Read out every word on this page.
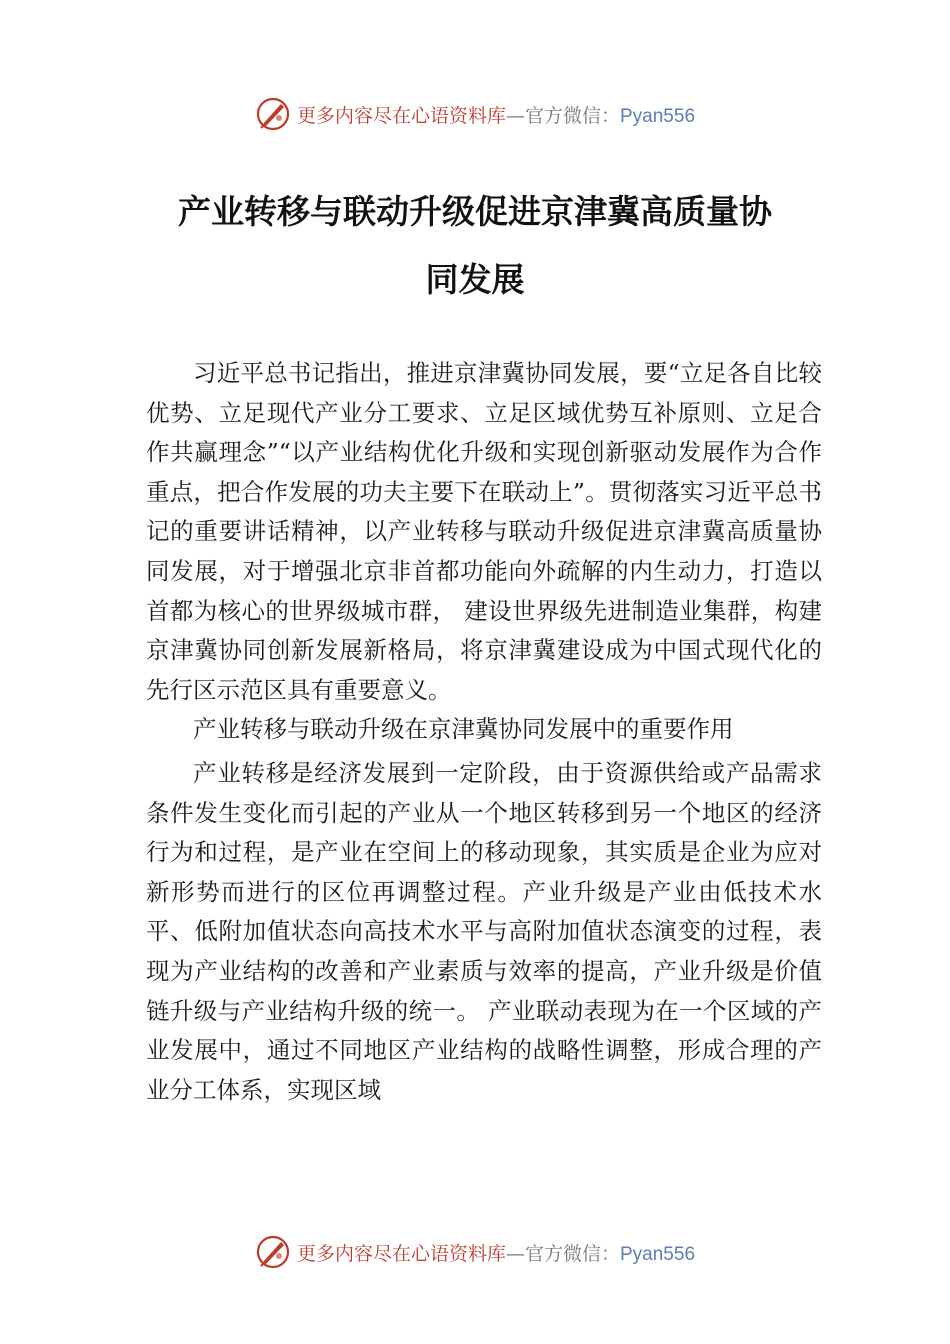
更多内容尽在心语资料库—官方微信：Pyan556
产业转移与联动升级促进京津冀高质量协
同发展

习近平总书记指出，推进京津冀协同发展，要“立足各自比较优势、立足现代产业分工要求、立足区域优势互补原则、立足合作共赢理念”“以产业结构优化升级和实现创新驱动发展作为合作重点，把合作发展的功夫主要下在联动上”。贯彻落实习近平总书记的重要讲话精神，以产业转移与联动升级促进京津冀高质量协同发展，对于增强北京非首都功能向外疏解的内生动力，打造以首都为核心的世界级城市群， 建设世界级先进制造业集群，构建京津冀协同创新发展新格局，将京津冀建设成为中国式现代化的先行区示范区具有重要意义。

产业转移与联动升级在京津冀协同发展中的重要作用

产业转移是经济发展到一定阶段，由于资源供给或产品需求条件发生变化而引起的产业从一个地区转移到另一个地区的经济行为和过程，是产业在空间上的移动现象，其实质是企业为应对新形势而进行的区位再调整过程。产业升级是产业由低技术水平、低附加值状态向高技术水平与高附加值状态演变的过程，表现为产业结构的改善和产业素质与效率的提高，产业升级是价值链升级与产业结构升级的统一。 产业联动表现为在一个区域的产业发展中，通过不同地区产业结构的战略性调整，形成合理的产业分工体系，实现区域

更多内容尽在心语资料库—官方微信：Pyan556
